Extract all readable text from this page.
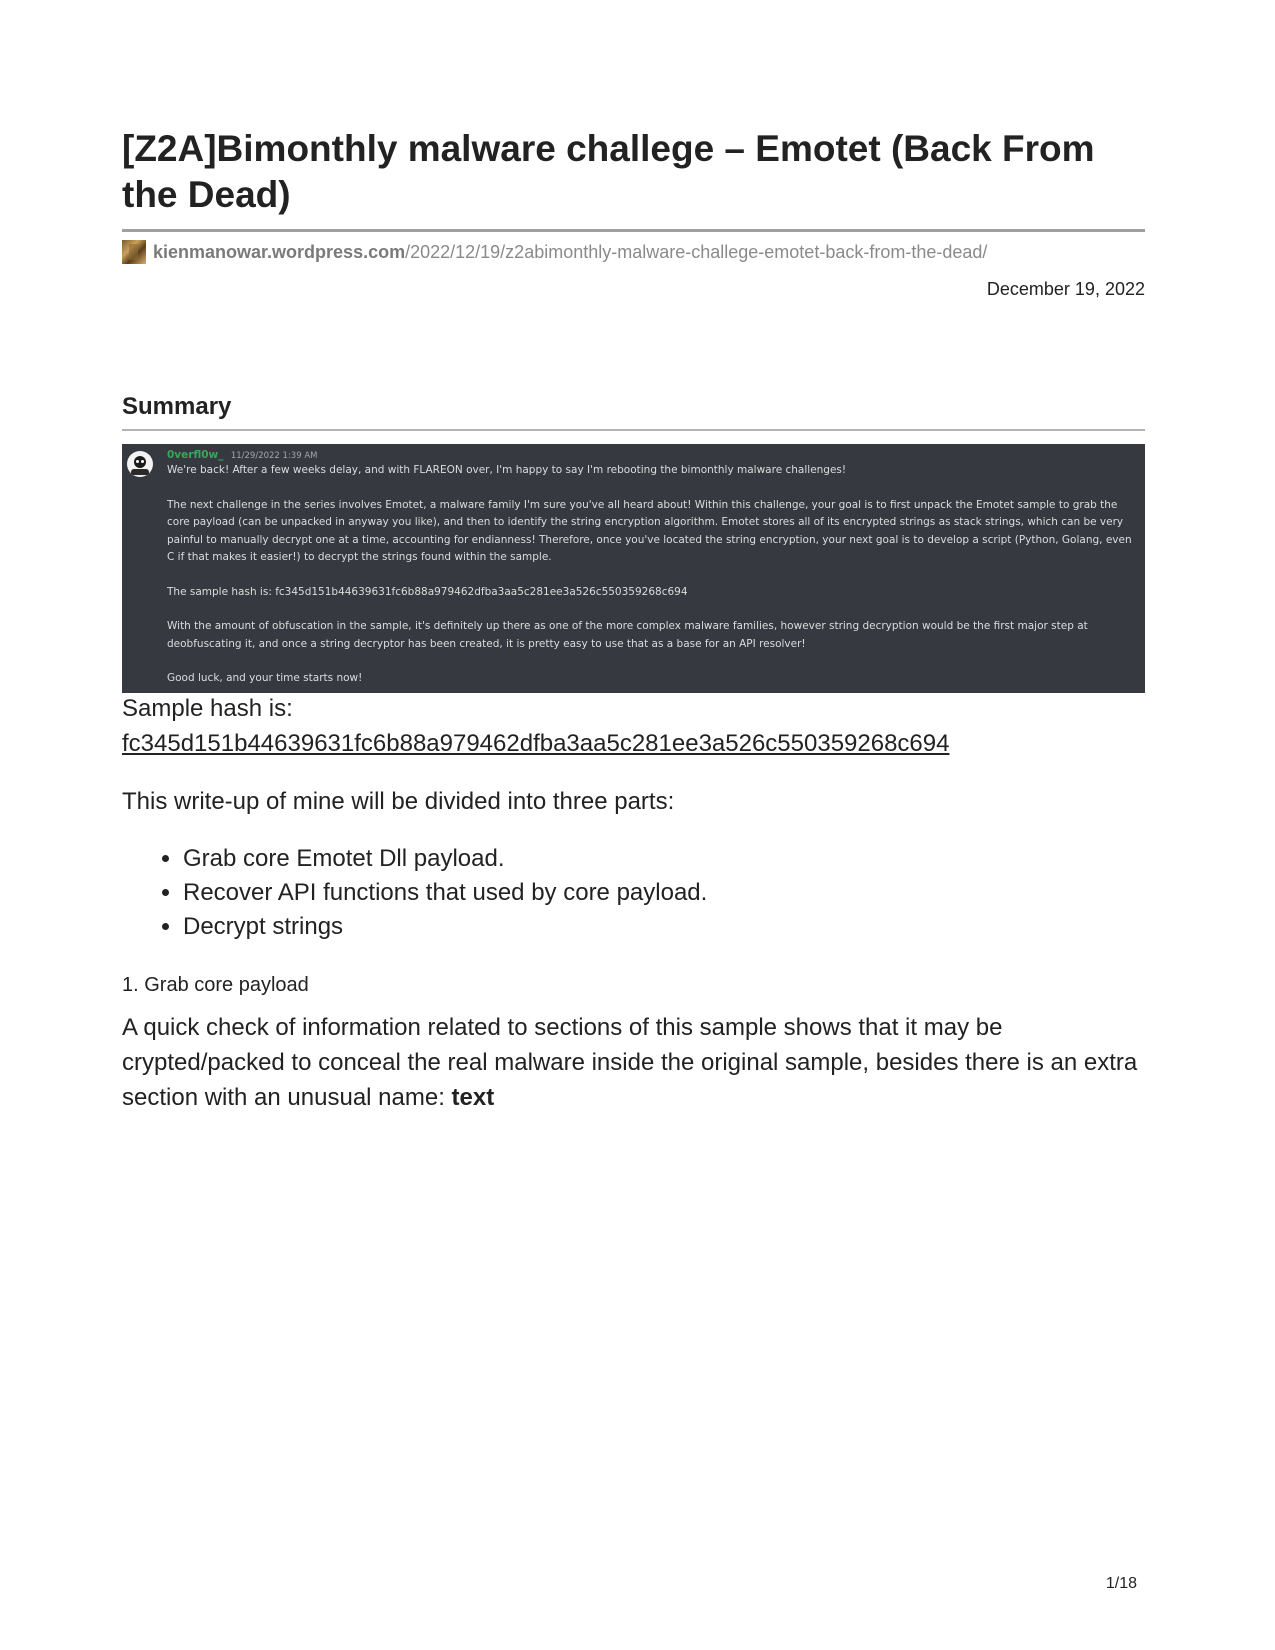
[Z2A]Bimonthly malware challege – Emotet (Back From the Dead)
kienmanowar.wordpress.com /2022/12/19/z2abimonthly-malware-challege-emotet-back-from-the-dead/
December 19, 2022
Summary
0verfl0w_ 11/29/2022 1:39 AM

We're back! After a few weeks delay, and with FLAREON over, I'm happy to say I'm rebooting the bimonthly malware challenges!

The next challenge in the series involves Emotet, a malware family I'm sure you've all heard about! Within this challenge, your goal is to first unpack the Emotet sample to grab the core payload (can be unpacked in anyway you like), and then to identify the string encryption algorithm. Emotet stores all of its encrypted strings as stack strings, which can be very painful to manually decrypt one at a time, accounting for endianness! Therefore, once you've located the string encryption, your next goal is to develop a script (Python, Golang, even C if that makes it easier!) to decrypt the strings found within the sample.

The sample hash is: fc345d151b44639631fc6b88a979462dfba3aa5c281ee3a526c550359268c694

With the amount of obfuscation in the sample, it's definitely up there as one of the more complex malware families, however string decryption would be the first major step at deobfuscating it, and once a string decryptor has been created, it is pretty easy to use that as a base for an API resolver!

Good luck, and your time starts now!

Sample hash is:
fc345d151b44639631fc6b88a979462dfba3aa5c281ee3a526c550359268c694
This write-up of mine will be divided into three parts:
• Grab core Emotet Dll payload.
• Recover API functions that used by core payload.
• Decrypt strings
1. Grab core payload
A quick check of information related to sections of this sample shows that it may be crypted/packed to conceal the real malware inside the original sample, besides there is an extra section with an unusual name: text
1/18
